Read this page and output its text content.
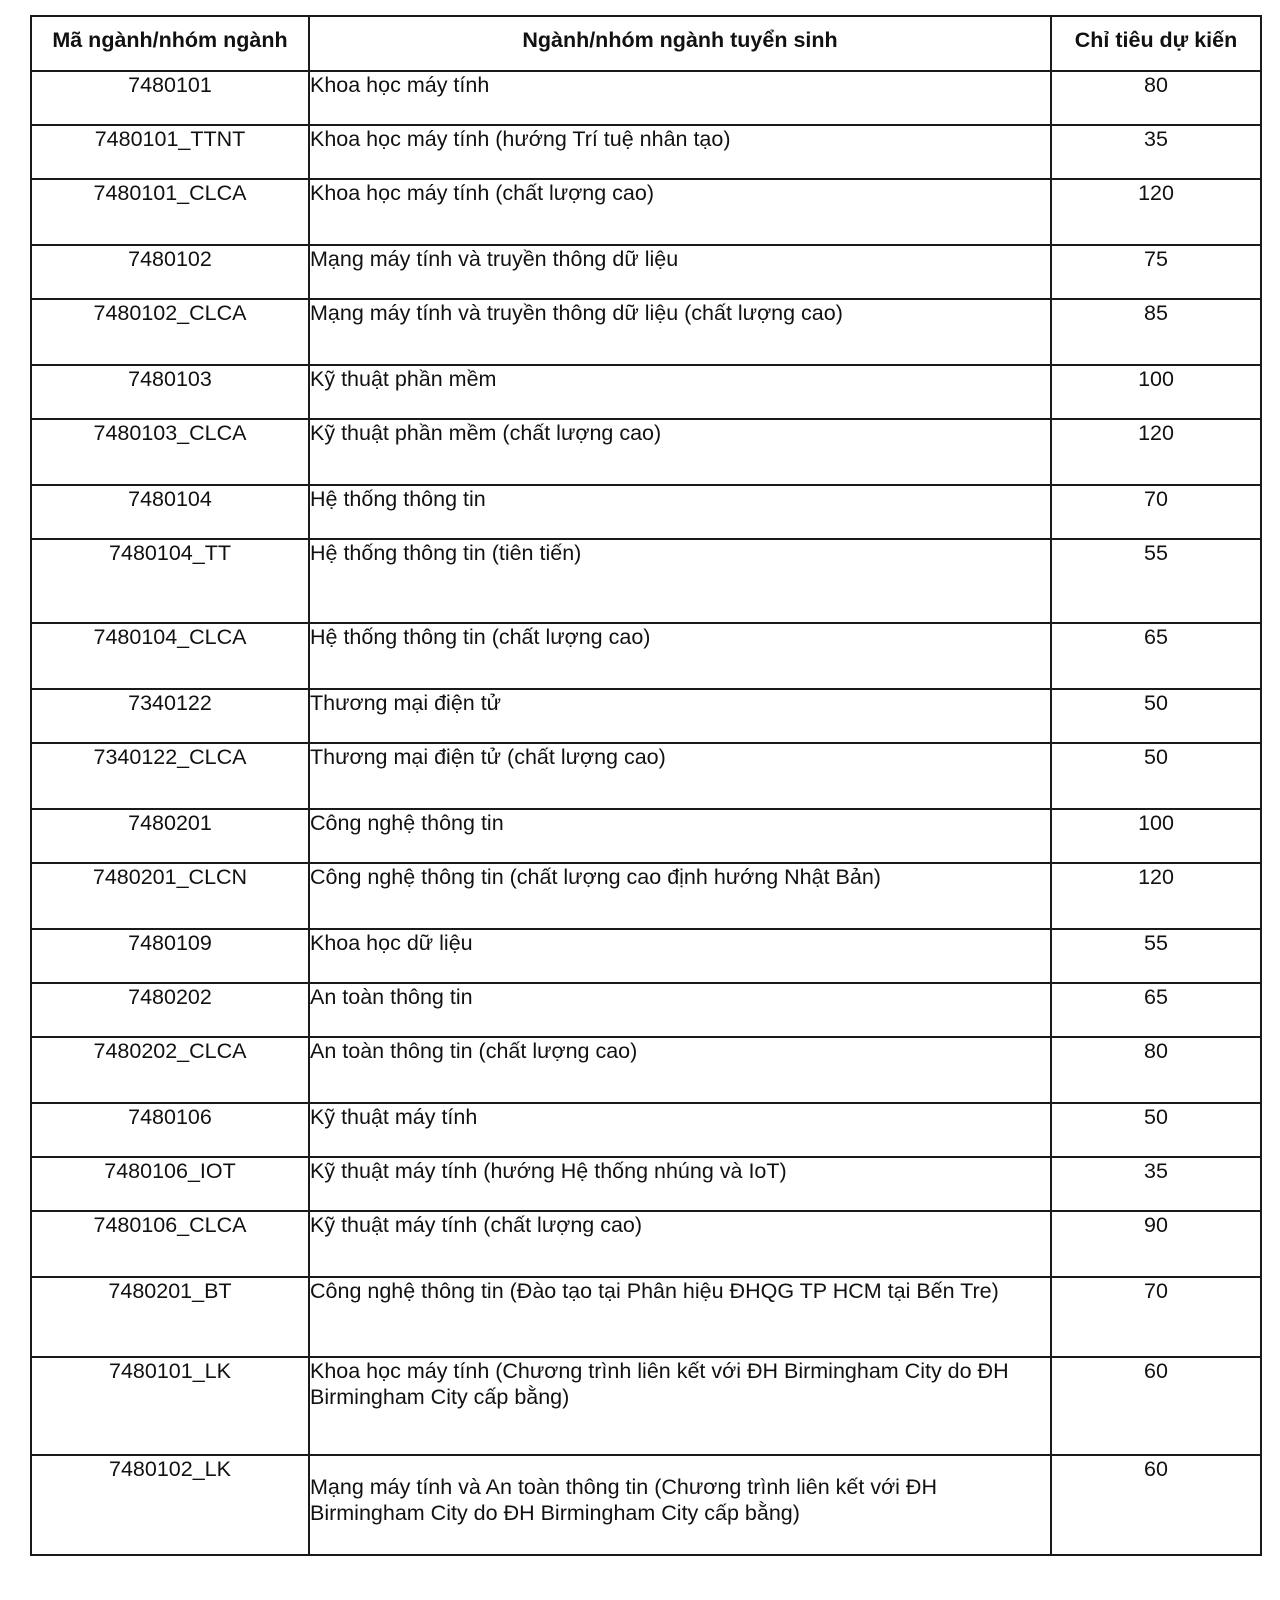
Mã ngành/nhóm ngành	Ngành/nhóm ngành tuyển sinh	Chỉ tiêu dự kiến
7480101	Khoa học máy tính	80
7480101_TTNT	Khoa học máy tính (hướng Trí tuệ nhân tạo)	35
7480101_CLCA	Khoa học máy tính (chất lượng cao)	120
7480102	Mạng máy tính và truyền thông dữ liệu	75
7480102_CLCA	Mạng máy tính và truyền thông dữ liệu (chất lượng cao)	85
7480103	Kỹ thuật phần mềm	100
7480103_CLCA	Kỹ thuật phần mềm (chất lượng cao)	120
7480104	Hệ thống thông tin	70
7480104_TT	Hệ thống thông tin (tiên tiến)	55
7480104_CLCA	Hệ thống thông tin (chất lượng cao)	65
7340122	Thương mại điện tử	50
7340122_CLCA	Thương mại điện tử (chất lượng cao)	50
7480201	Công nghệ thông tin	100
7480201_CLCN	Công nghệ thông tin (chất lượng cao định hướng Nhật Bản)	120
7480109	Khoa học dữ liệu	55
7480202	An toàn thông tin	65
7480202_CLCA	An toàn thông tin (chất lượng cao)	80
7480106	Kỹ thuật máy tính	50
7480106_IOT	Kỹ thuật máy tính (hướng Hệ thống nhúng và IoT)	35
7480106_CLCA	Kỹ thuật máy tính (chất lượng cao)	90
7480201_BT	Công nghệ thông tin (Đào tạo tại Phân hiệu ĐHQG TP HCM tại Bến Tre)	70
7480101_LK	Khoa học máy tính (Chương trình liên kết với ĐH Birmingham City do ĐH Birmingham City cấp bằng)	60
7480102_LK	Mạng máy tính và An toàn thông tin (Chương trình liên kết với ĐH Birmingham City do ĐH Birmingham City cấp bằng)	60
